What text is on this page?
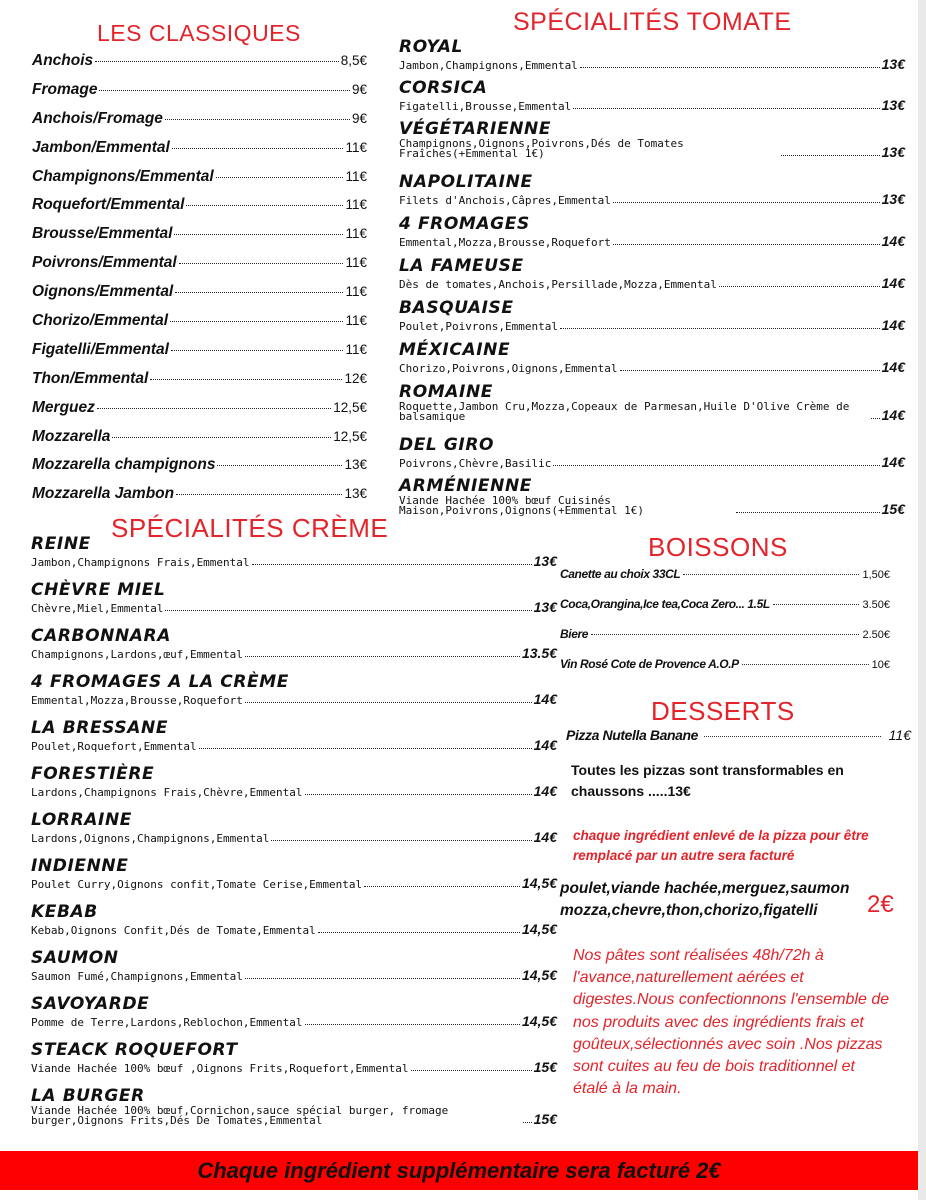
LES CLASSIQUES	SPÉCIALITÉS TOMATE
SPÉCIALITÉS CRÈME
BOISSONS
DESSERTS
Anchois	8,5€
Fromage	9€
Anchois/Fromage	9€
Jambon/Emmental	11€
Champignons/Emmental	11€
Roquefort/Emmental	11€
Brousse/Emmental	11€
Poivrons/Emmental	11€
Oignons/Emmental	11€
Chorizo/Emmental	11€
Figatelli/Emmental	11€
Thon/Emmental	12€
Merguez	12,5€
Mozzarella	12,5€
Mozzarella champignons	13€
Mozzarella Jambon	13€
ROYAL
Jambon,Champignons,Emmental	13€
CORSICA
Figatelli,Brousse,Emmental	13€
VÉGÉTARIENNE
Champignons,Oignons,Poivrons,Dés de Tomates Fraîches(+Emmental 1€)	13€
NAPOLITAINE
Filets d'Anchois,Câpres,Emmental	13€
4 FROMAGES
Emmental,Mozza,Brousse,Roquefort	14€
LA FAMEUSE
Dès de tomates,Anchois,Persillade,Mozza,Emmental	14€
BASQUAISE
Poulet,Poivrons,Emmental	14€
MÉXICAINE
Chorizo,Poivrons,Oignons,Emmental	14€
ROMAINE
Roquette,Jambon Cru,Mozza,Copeaux de Parmesan,Huile D'Olive Crème de balsamique	14€
DEL GIRO
Poivrons,Chèvre,Basilic	14€
ARMÉNIENNE
Viande Hachée 100% bœuf Cuisinés Maison,Poivrons,Oignons(+Emmental 1€)	15€
REINE
Jambon,Champignons Frais,Emmental	13€
CHÈVRE MIEL
Chèvre,Miel,Emmental	13€
CARBONNARA
Champignons,Lardons,œuf,Emmental	13.5€
4 FROMAGES A LA CRÈME
Emmental,Mozza,Brousse,Roquefort	14€
LA BRESSANE
Poulet,Roquefort,Emmental	14€
FORESTIÈRE
Lardons,Champignons Frais,Chèvre,Emmental	14€
LORRAINE
Lardons,Oignons,Champignons,Emmental	14€
INDIENNE
Poulet Curry,Oignons confit,Tomate Cerise,Emmental	14,5€
KEBAB
Kebab,Oignons Confit,Dés de Tomate,Emmental	14,5€
SAUMON
Saumon Fumé,Champignons,Emmental	14,5€
SAVOYARDE
Pomme de Terre,Lardons,Reblochon,Emmental	14,5€
STEACK ROQUEFORT
Viande Hachée 100% bœuf ,Oignons Frits,Roquefort,Emmental	15€
LA BURGER
Viande Hachée 100% bœuf,Cornichon,sauce spécial burger, fromage burger,Oignons Frits,Dés De Tomates,Emmental	15€
Canette au choix 33CL	1,50€
Coca,Orangina,Ice tea,Coca Zero... 1.5L	3.50€
Biere	2.50€
Vin Rosé Cote de Provence A.O.P	10€
Pizza Nutella Banane	11€
Toutes les pizzas sont transformables en chaussons .....13€
chaque ingrédient enlevé de la pizza pour être remplacé par un autre sera facturé
poulet,viande hachée,merguez,saumon mozza,chevre,thon,chorizo,figatelli 2€
Nos pâtes sont réalisées 48h/72h à l'avance,naturellement aérées et digestes.Nous confectionnons l'ensemble de nos produits avec des ingrédients frais et goûteux,sélectionnés avec soin .Nos pizzas sont cuites au feu de bois traditionnel et étalé à la main.
Chaque ingrédient supplémentaire sera facturé 2€
